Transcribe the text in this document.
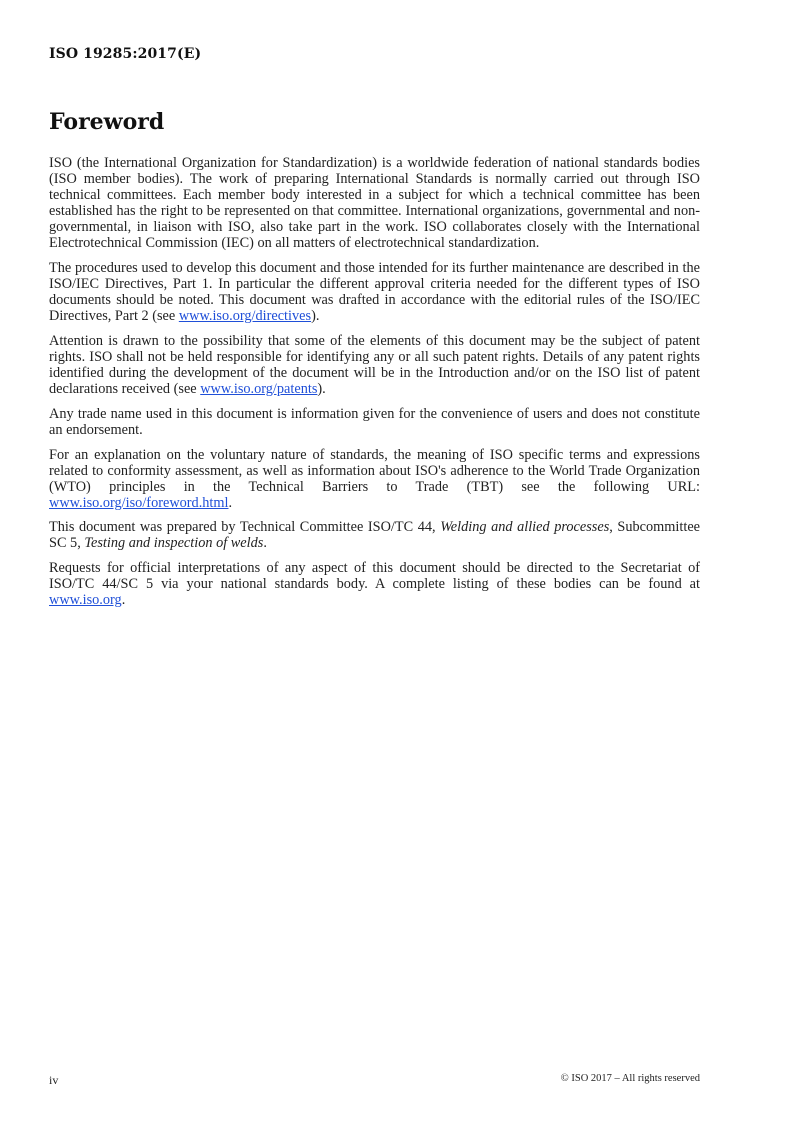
ISO 19285:2017(E)
Foreword

ISO (the International Organization for Standardization) is a worldwide federation of national standards bodies (ISO member bodies). The work of preparing International Standards is normally carried out through ISO technical committees. Each member body interested in a subject for which a technical committee has been established has the right to be represented on that committee. International organizations, governmental and non-governmental, in liaison with ISO, also take part in the work. ISO collaborates closely with the International Electrotechnical Commission (IEC) on all matters of electrotechnical standardization.

The procedures used to develop this document and those intended for its further maintenance are described in the ISO/IEC Directives, Part 1. In particular the different approval criteria needed for the different types of ISO documents should be noted. This document was drafted in accordance with the editorial rules of the ISO/IEC Directives, Part 2 (see www.iso.org/directives).

Attention is drawn to the possibility that some of the elements of this document may be the subject of patent rights. ISO shall not be held responsible for identifying any or all such patent rights. Details of any patent rights identified during the development of the document will be in the Introduction and/or on the ISO list of patent declarations received (see www.iso.org/patents).

Any trade name used in this document is information given for the convenience of users and does not constitute an endorsement.

For an explanation on the voluntary nature of standards, the meaning of ISO specific terms and expressions related to conformity assessment, as well as information about ISO's adherence to the World Trade Organization (WTO) principles in the Technical Barriers to Trade (TBT) see the following URL: www.iso.org/iso/foreword.html.

This document was prepared by Technical Committee ISO/TC 44, Welding and allied processes, Subcommittee SC 5, Testing and inspection of welds.

Requests for official interpretations of any aspect of this document should be directed to the Secretariat of ISO/TC 44/SC 5 via your national standards body. A complete listing of these bodies can be found at www.iso.org.

iv	© ISO 2017 – All rights reserved
